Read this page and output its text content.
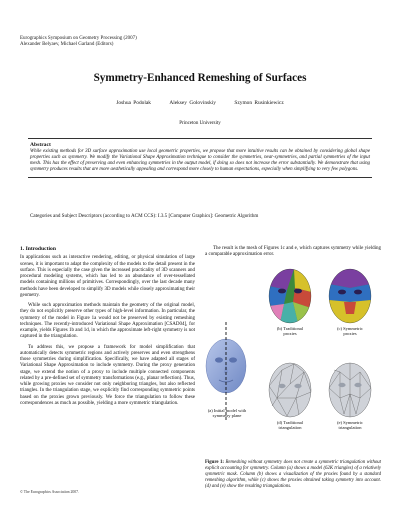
Eurographics Symposium on Geometry Processing (2007)
Alexander Belyaev, Michael Garland (Editors)
Symmetry-Enhanced Remeshing of Surfaces
Joshua Podolak	Aleksey Golovinskiy	Szymon Rusinkiewicz
Princeton University
Abstract
While existing methods for 3D surface approximation use local geometric properties, we propose that more intuitive results can be obtained by considering global shape properties such as symmetry. We modify the Variational Shape Approximation technique to consider the symmetries, near-symmetries, and partial symmetries of the input mesh. This has the effect of preserving and even enhancing symmetries in the output model, if doing so does not increase the error substantially. We demonstrate that using symmetry produces results that are more aesthetically appealing and correspond more closely to human expectations, especially when simplifying to very few polygons.
Categories and Subject Descriptors (according to ACM CCS): I.3.5 [Computer Graphics]: Geometric Algorithm
1. Introduction

In applications such as interactive rendering, editing, or physical simulation of large scenes, it is important to adapt the complexity of the models to the detail present in the surface. This is especially the case given the increased practicality of 3D scanners and procedural modeling systems, which has led to an abundance of over-tessellated models containing millions of primitives. Correspondingly, over the last decade many methods have been developed to simplify 3D models while closely approximating their geometry.

While such approximation methods maintain the geometry of the original model, they do not explicitly preserve other types of high-level information. In particular, the symmetry of the model in Figure 1a would not be preserved by existing remeshing techniques. The recently-introduced Variational Shape Approximation [CSAD04], for example, yields Figures 1b and 1d, in which the approximate left-right symmetry is not captured in the triangulation.

To address this, we propose a framework for model simplification that automatically detects symmetric regions and actively preserves and even strengthens those symmetries during simplification. Specifically, we have adapted all stages of Variational Shape Approximation to include symmetry. During the proxy generation stage, we extend the notion of a proxy to include multiple connected components related by a pre-defined set of symmetry transformations (e.g., planar reflection). Thus, while growing proxies we consider not only neighboring triangles, but also reflected triangles. In the triangulation stage, we explicitly find corresponding symmetric points based on the proxies grown previously. We force the triangulation to follow these correspondences as much as possible, yielding a more symmetric triangulation.

The result is the mesh of Figures 1c and e, which captures symmetry while yielding a comparable approximation error.

(a) Initial model with symmetry plane
(b) Traditional proxies
(c) Symmetric proxies
(d) Traditional triangulation
(e) Symmetric triangulation
Figure 1: Remeshing without symmetry does not create a symmetric triangulation without explicit accounting for symmetry. Column (a) shows a model (62K triangles) of a relatively symmetric mask. Column (b) shows a visualization of the proxies found by a standard remeshing algorithm, while (c) shows the proxies obtained taking symmetry into account. (d) and (e) show the resulting triangulations.
© The Eurographics Association 2007.
